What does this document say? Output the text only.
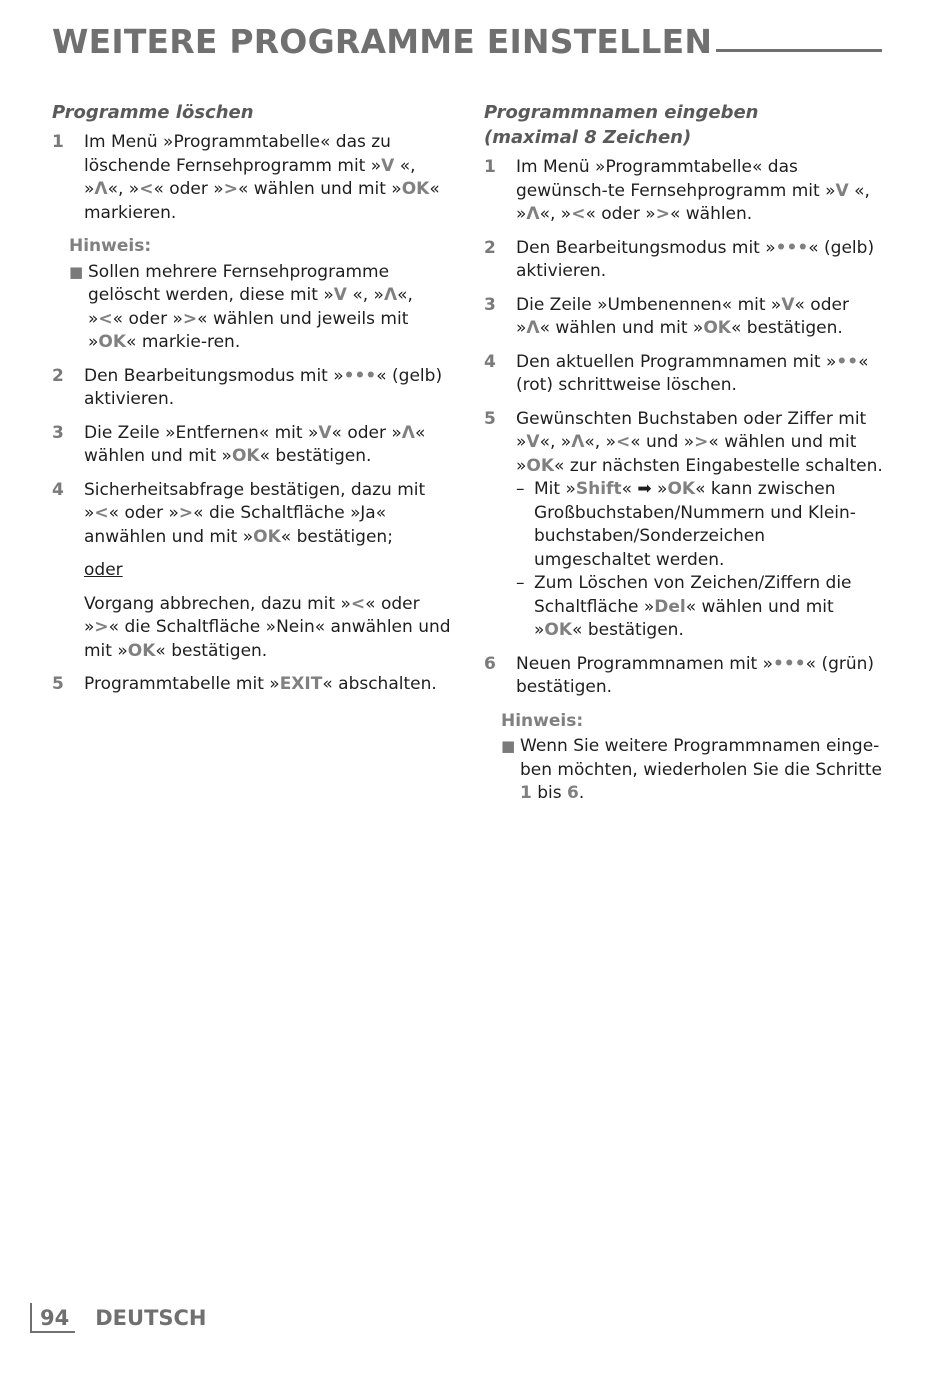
WEITERE PROGRAMME EINSTELLEN
Programme löschen
1	Im Menü »Programmtabelle« das zu löschende Fernsehprogramm mit »V «, »Λ«, »<« oder »>« wählen und mit »OK« markieren.
Hinweis:
■ Sollen mehrere Fernsehprogramme gelöscht werden, diese mit »V «, »Λ«, »<« oder »>« wählen und jeweils mit »OK« markie-ren.
2	Den Bearbeitungsmodus mit »•••« (gelb) aktivieren.
3	Die Zeile »Entfernen« mit »V« oder »Λ« wählen und mit »OK« bestätigen.
4	Sicherheitsabfrage bestätigen, dazu mit »<« oder »>« die Schaltfläche »Ja« anwählen und mit »OK« bestätigen;
oder
Vorgang abbrechen, dazu mit »<« oder »>« die Schaltfläche »Nein« anwählen und mit »OK« bestätigen.
5	Programmtabelle mit »EXIT« abschalten.
Programmnamen eingeben
(maximal 8 Zeichen)
1	Im Menü »Programmtabelle« das gewünsch-te Fernsehprogramm mit »V «, »Λ«, »<« oder »>« wählen.
2	Den Bearbeitungsmodus mit »•••« (gelb) aktivieren.
3	Die Zeile »Umbenennen« mit »V« oder »Λ« wählen und mit »OK« bestätigen.
4	Den aktuellen Programmnamen mit »••« (rot) schrittweise löschen.
5	Gewünschten Buchstaben oder Ziffer mit »V«, »Λ«, »<« und »>« wählen und mit »OK« zur nächsten Eingabestelle schalten.
– Mit »Shift« ➡ »OK« kann zwischen Großbuchstaben/Nummern und Klein-buchstaben/Sonderzeichen umgeschaltet werden.
– Zum Löschen von Zeichen/Ziffern die Schaltfläche »Del« wählen und mit »OK« bestätigen.
6	Neuen Programmnamen mit »•••« (grün) bestätigen.
Hinweis:
■ Wenn Sie weitere Programmnamen einge-ben möchten, wiederholen Sie die Schritte 1 bis 6.
94 DEUTSCH
